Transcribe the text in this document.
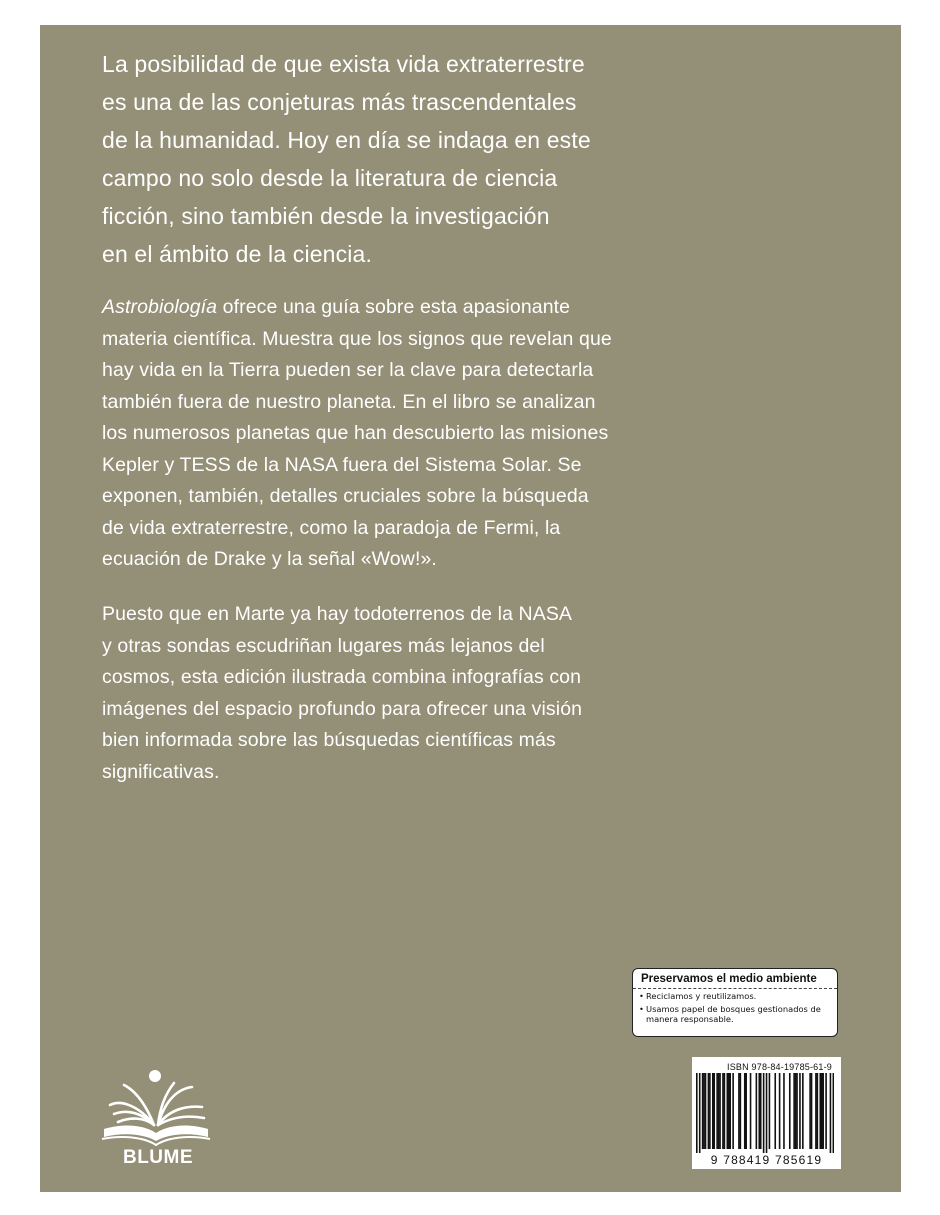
La posibilidad de que exista vida extraterrestre
es una de las conjeturas más trascendentales
de la humanidad. Hoy en día se indaga en este
campo no solo desde la literatura de ciencia
ficción, sino también desde la investigación
en el ámbito de la ciencia.
Astrobiología ofrece una guía sobre esta apasionante
materia científica. Muestra que los signos que revelan que
hay vida en la Tierra pueden ser la clave para detectarla
también fuera de nuestro planeta. En el libro se analizan
los numerosos planetas que han descubierto las misiones
Kepler y TESS de la NASA fuera del Sistema Solar. Se
exponen, también, detalles cruciales sobre la búsqueda
de vida extraterrestre, como la paradoja de Fermi, la
ecuación de Drake y la señal «Wow!».
Puesto que en Marte ya hay todoterrenos de la NASA
y otras sondas escudriñan lugares más lejanos del
cosmos, esta edición ilustrada combina infografías con
imágenes del espacio profundo para ofrecer una visión
bien informada sobre las búsquedas científicas más
significativas.
Preservamos el medio ambiente
• Reciclamos y reutilizamos.
• Usamos papel de bosques gestionados de manera responsable.
ISBN 978-84-19785-61-9
9 788419 785619
BLUME
